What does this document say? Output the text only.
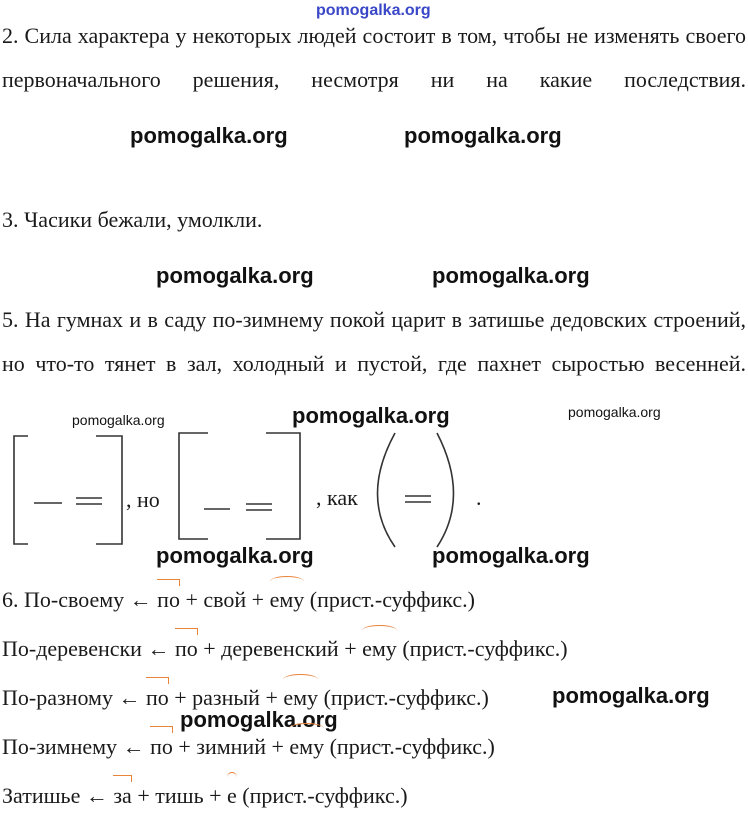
pomogalka.org
2. Сила характера у некоторых людей состоит в том, чтобы не изменять своего первоначального решения, несмотря ни на какие последствия.
pomogalka.org	pomogalka.org
3. Часики бежали, умолкли.
pomogalka.org	pomogalka.org
5. На гумнах и в саду по-зимнему покой царит в затишье дедовских строений, но что-то тянет в зал, холодный и пустой, где пахнет сыростью весенней.
pomogalka.org
pomogalka.org	pomogalka.org
, но	, как	.
pomogalka.org	pomogalka.org
6. По-своему ← по + свой + ему (прист.-суффикс.)
По-деревенски ← по + деревенский + ему (прист.-суффикс.)
По-разному ← по + разный + ему (прист.-суффикс.)	pomogalka.org
pomogalka.org
По-зимнему ← по + зимний + ему (прист.-суффикс.)
Затишье ← за + тишь + е (прист.-суффикс.)
